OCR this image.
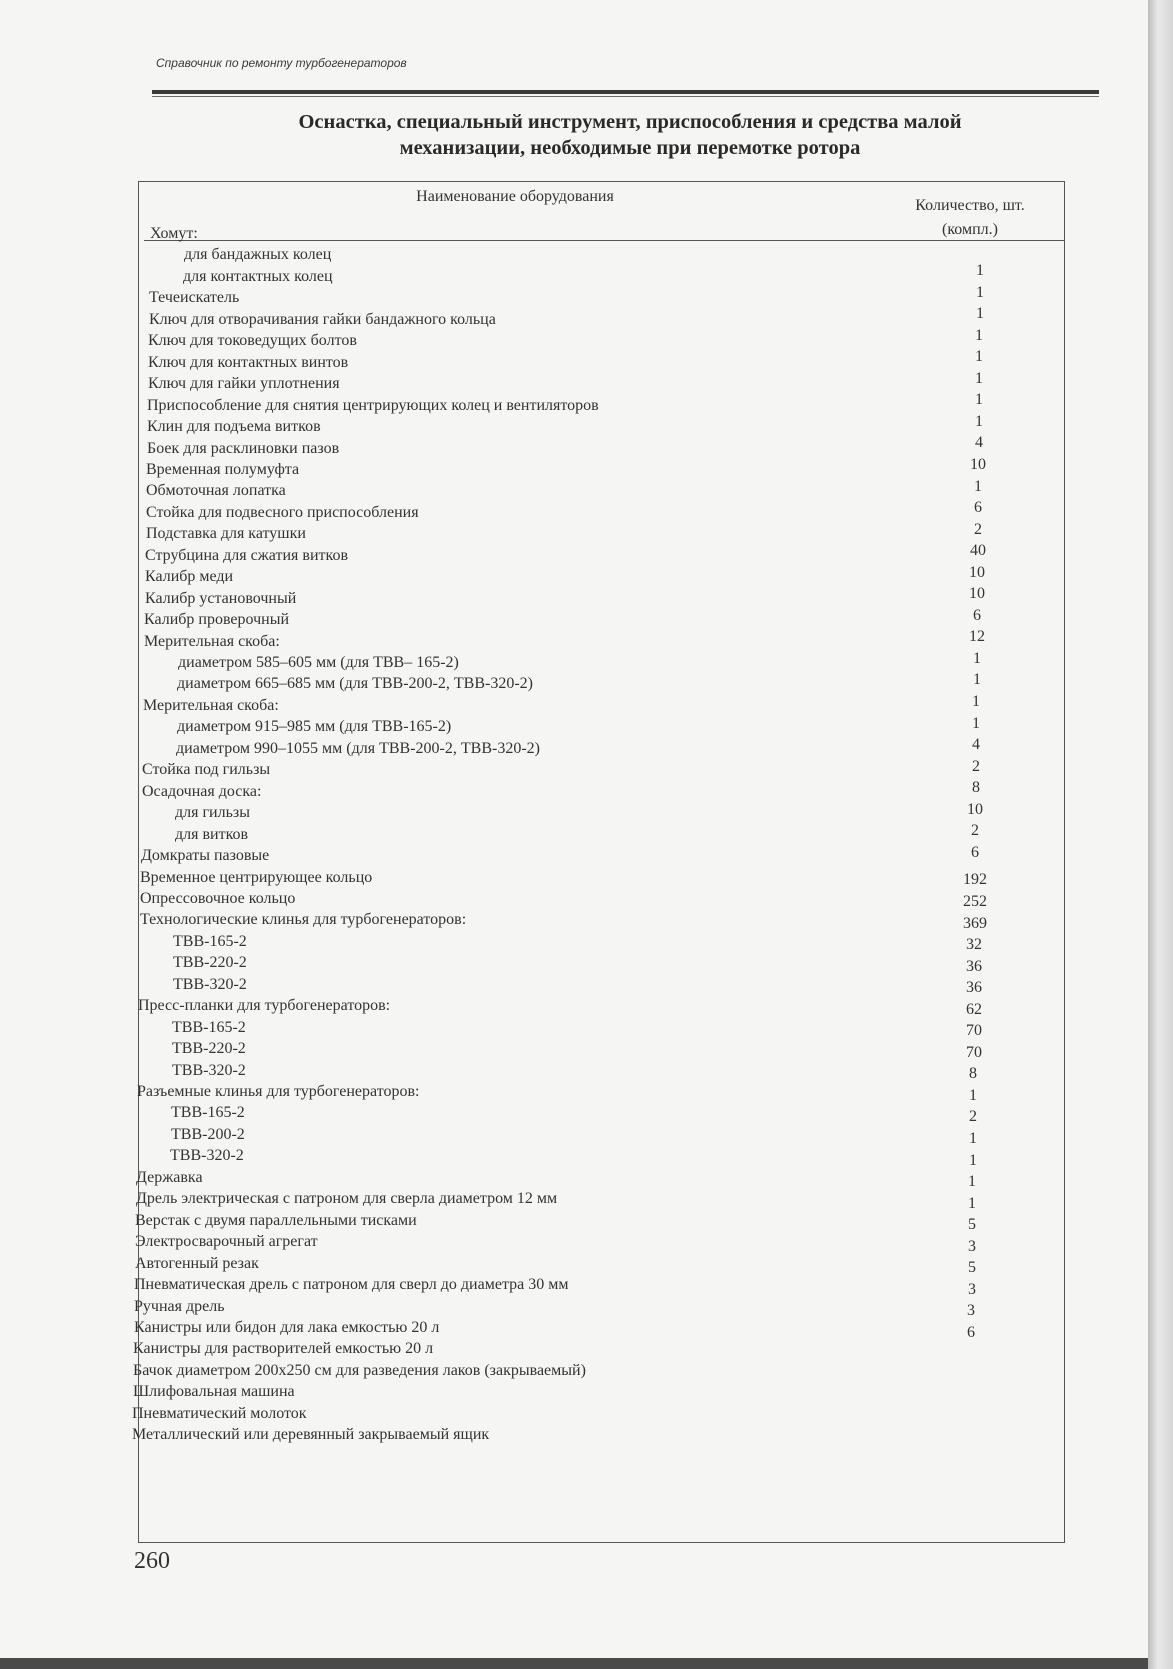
Справочник по ремонту турбогенераторов
Оснастка, специальный инструмент, приспособления и средства малой
механизации, необходимые при перемотке ротора
Наименование оборудования
Количество, шт.
(компл.)
Хомут:
для бандажных колец
для контактных колец
Течеискатель
Ключ для отворачивания гайки бандажного кольца
Ключ для токоведущих болтов
Ключ для контактных винтов
Ключ для гайки уплотнения
Приспособление для снятия центрирующих колец и вентиляторов
Клин для подъема витков
Боек для расклиновки пазов
Временная полумуфта
Обмоточная лопатка
Стойка для подвесного приспособления
Подставка для катушки
Струбцина для сжатия витков
Калибр меди
Калибр установочный
Калибр проверочный
Мерительная скоба:
диаметром 585–605 мм (для ТВВ– 165-2)
диаметром 665–685 мм (для ТВВ-200-2, ТВВ-320-2)
Мерительная скоба:
диаметром 915–985 мм (для ТВВ-165-2)
диаметром 990–1055 мм (для ТВВ-200-2, ТВВ-320-2)
Стойка под гильзы
Осадочная доска:
для гильзы
для витков
Домкраты пазовые
Временное центрирующее кольцо
Опрессовочное кольцо
Технологические клинья для турбогенераторов:
ТВВ-165-2
ТВВ-220-2
ТВВ-320-2
Пресс-планки для турбогенераторов:
ТВВ-165-2
ТВВ-220-2
ТВВ-320-2
Разъемные клинья для турбогенераторов:
ТВВ-165-2
ТВВ-200-2
ТВВ-320-2
Державка
Дрель электрическая с патроном для сверла диаметром 12 мм
Верстак с двумя параллельными тисками
Электросварочный агрегат
Автогенный резак
Пневматическая дрель с патроном для сверл до диаметра 30 мм
Ручная дрель
Канистры или бидон для лака емкостью 20 л
Канистры для растворителей емкостью 20 л
Бачок диаметром 200х250 см для разведения лаков (закрываемый)
Шлифовальная машина
Пневматический молоток
Металлический или деревянный закрываемый ящик
1
1
1
1
1
1
1
1
4
10
1
6
2
40
10
10
6
12
1
1
1
1
4
2
8
10
2
6
192
252
369
32
36
36
62
70
70
8
1
2
1
1
1
1
5
3
5
3
3
6
260
